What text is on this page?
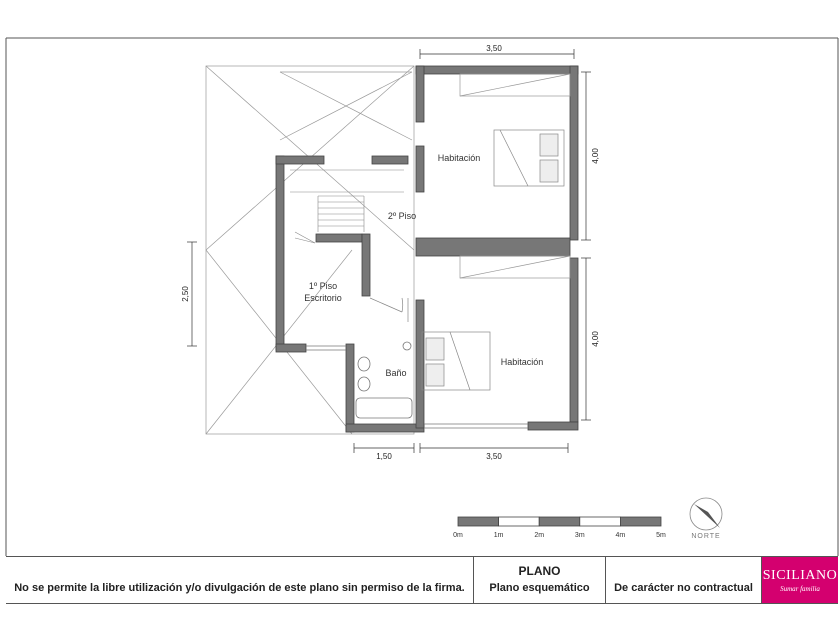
Habitación
Habitación
2º Piso
1º Piso
Escritorio
Baño
3,50
4,00
4,00
2,50
1,50	3,50
0m	1m	2m	3m	4m	5m	NORTE
No se permite la libre utilización y/o divulgación de este plano sin permiso de la firma.
PLANO
Plano esquemático	De carácter no contractual
SICILIANO
Sumar familia
